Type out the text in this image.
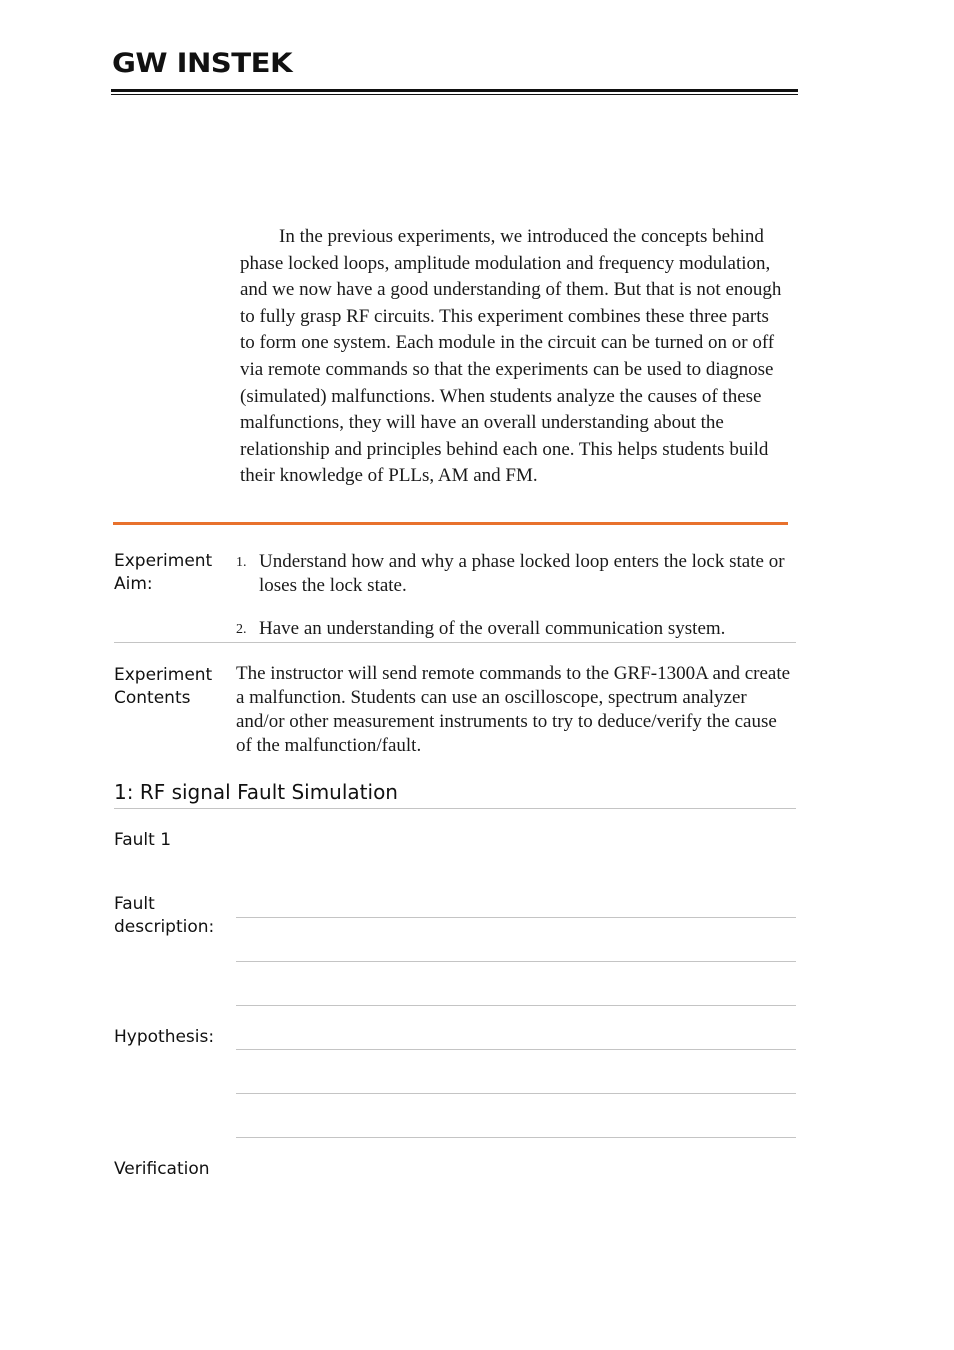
GW INSTEK

In the previous experiments, we introduced the concepts behind phase locked loops, amplitude modulation and frequency modulation, and we now have a good understanding of them. But that is not enough to fully grasp RF circuits. This experiment combines these three parts to form one system. Each module in the circuit can be turned on or off via remote commands so that the experiments can be used to diagnose (simulated) malfunctions. When students analyze the causes of these malfunctions, they will have an overall understanding about the relationship and principles behind each one. This helps students build their knowledge of PLLs, AM and FM.

Experiment
Aim:

1. Understand how and why a phase locked loop enters the lock state or loses the lock state.
2. Have an understanding of the overall communication system.

Experiment
Contents

The instructor will send remote commands to the GRF-1300A and create a malfunction. Students can use an oscilloscope, spectrum analyzer and/or other measurement instruments to try to deduce/verify the cause of the malfunction/fault.

1: RF signal Fault Simulation

Fault 1

Fault
description:

Hypothesis:

Verification
